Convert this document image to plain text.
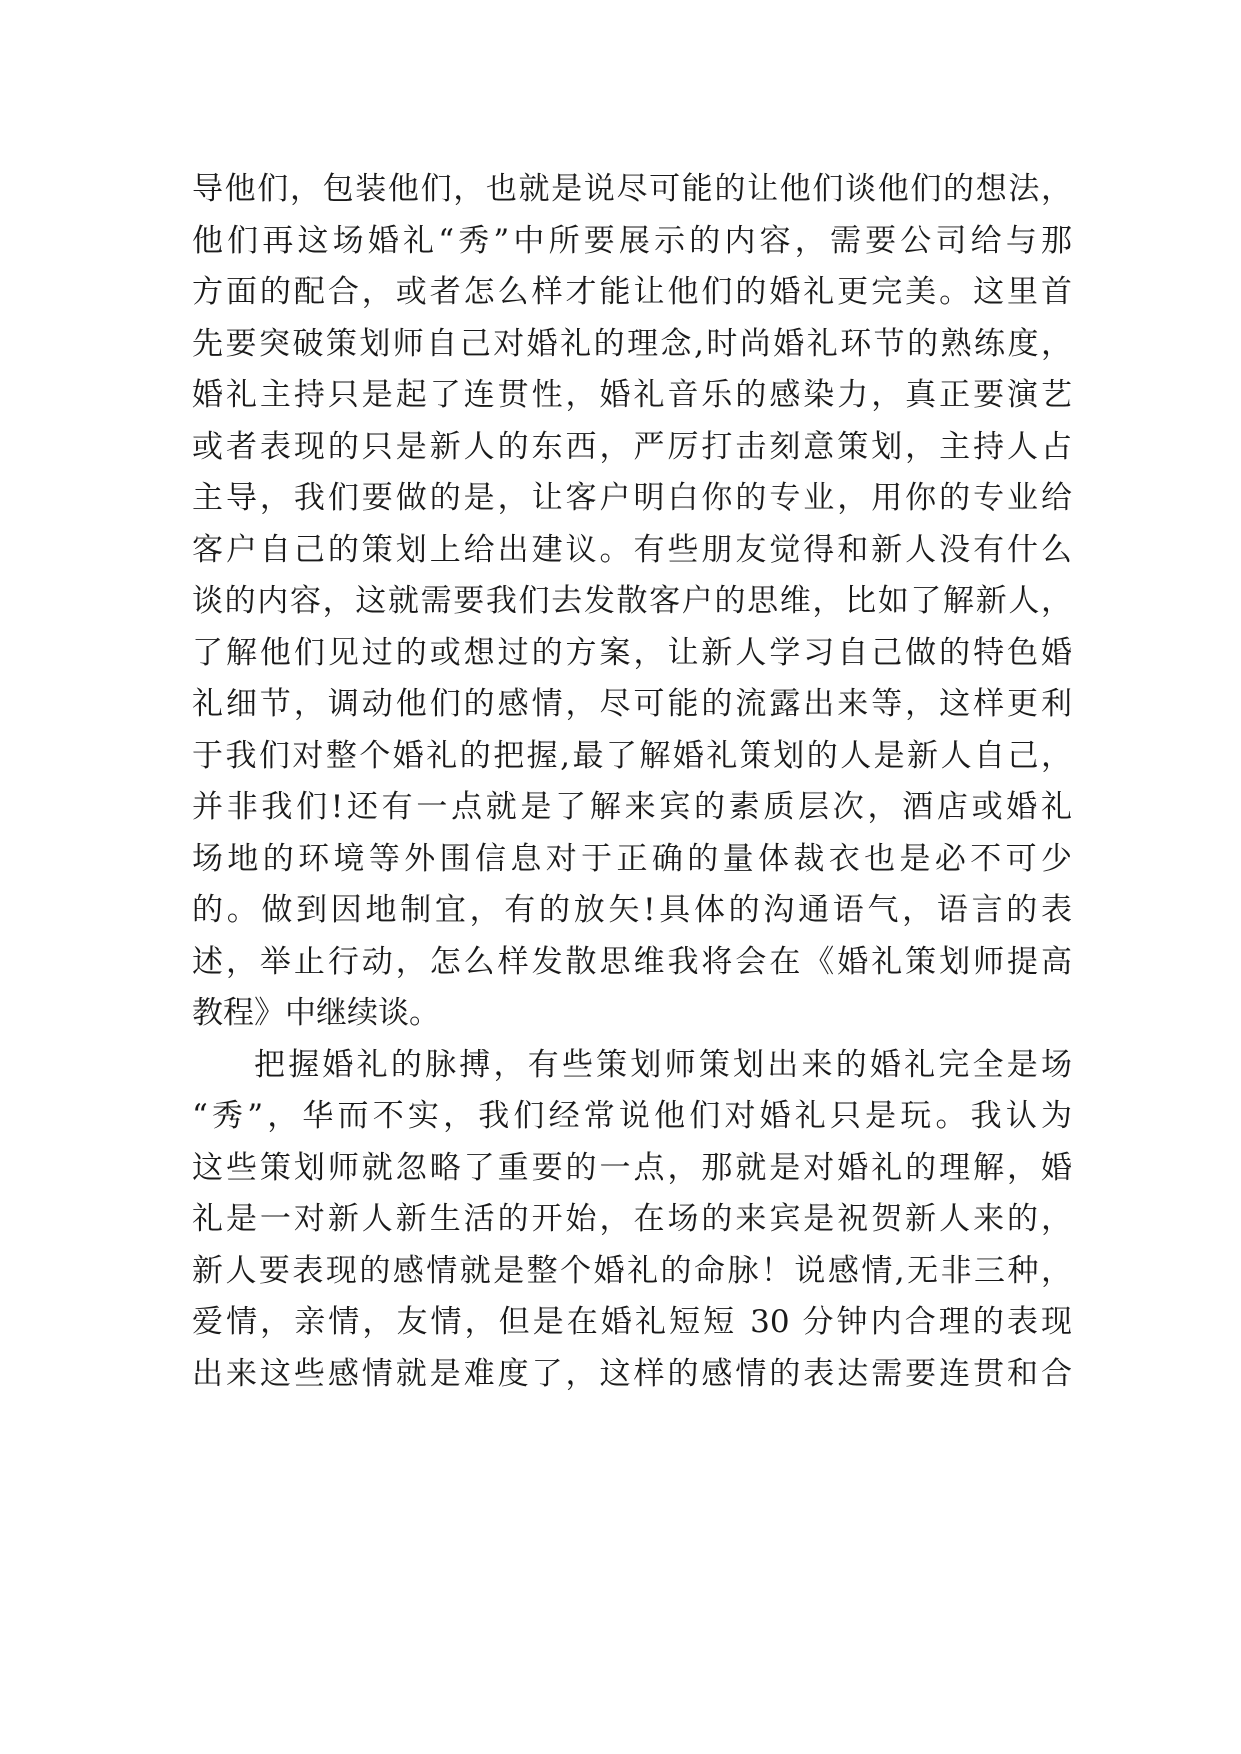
导他们，包装他们，也就是说尽可能的让他们谈他们的想法，
他们再这场婚礼“秀”中所要展示的内容，需要公司给与那
方面的配合，或者怎么样才能让他们的婚礼更完美。这里首
先要突破策划师自己对婚礼的理念,时尚婚礼环节的熟练度，
婚礼主持只是起了连贯性，婚礼音乐的感染力，真正要演艺
或者表现的只是新人的东西，严厉打击刻意策划，主持人占
主导，我们要做的是，让客户明白你的专业，用你的专业给
客户自己的策划上给出建议。有些朋友觉得和新人没有什么
谈的内容，这就需要我们去发散客户的思维，比如了解新人，
了解他们见过的或想过的方案，让新人学习自己做的特色婚
礼细节，调动他们的感情，尽可能的流露出来等，这样更利
于我们对整个婚礼的把握,最了解婚礼策划的人是新人自己，
并非我们!还有一点就是了解来宾的素质层次，酒店或婚礼
场地的环境等外围信息对于正确的量体裁衣也是必不可少
的。做到因地制宜，有的放矢!具体的沟通语气，语言的表
述，举止行动，怎么样发散思维我将会在《婚礼策划师提高
教程》中继续谈。
把握婚礼的脉搏，有些策划师策划出来的婚礼完全是场
“秀”，华而不实，我们经常说他们对婚礼只是玩。我认为
这些策划师就忽略了重要的一点，那就是对婚礼的理解，婚
礼是一对新人新生活的开始，在场的来宾是祝贺新人来的，
新人要表现的感情就是整个婚礼的命脉！说感情,无非三种，
爱情，亲情，友情，但是在婚礼短短 30 分钟内合理的表现
出来这些感情就是难度了，这样的感情的表达需要连贯和合
